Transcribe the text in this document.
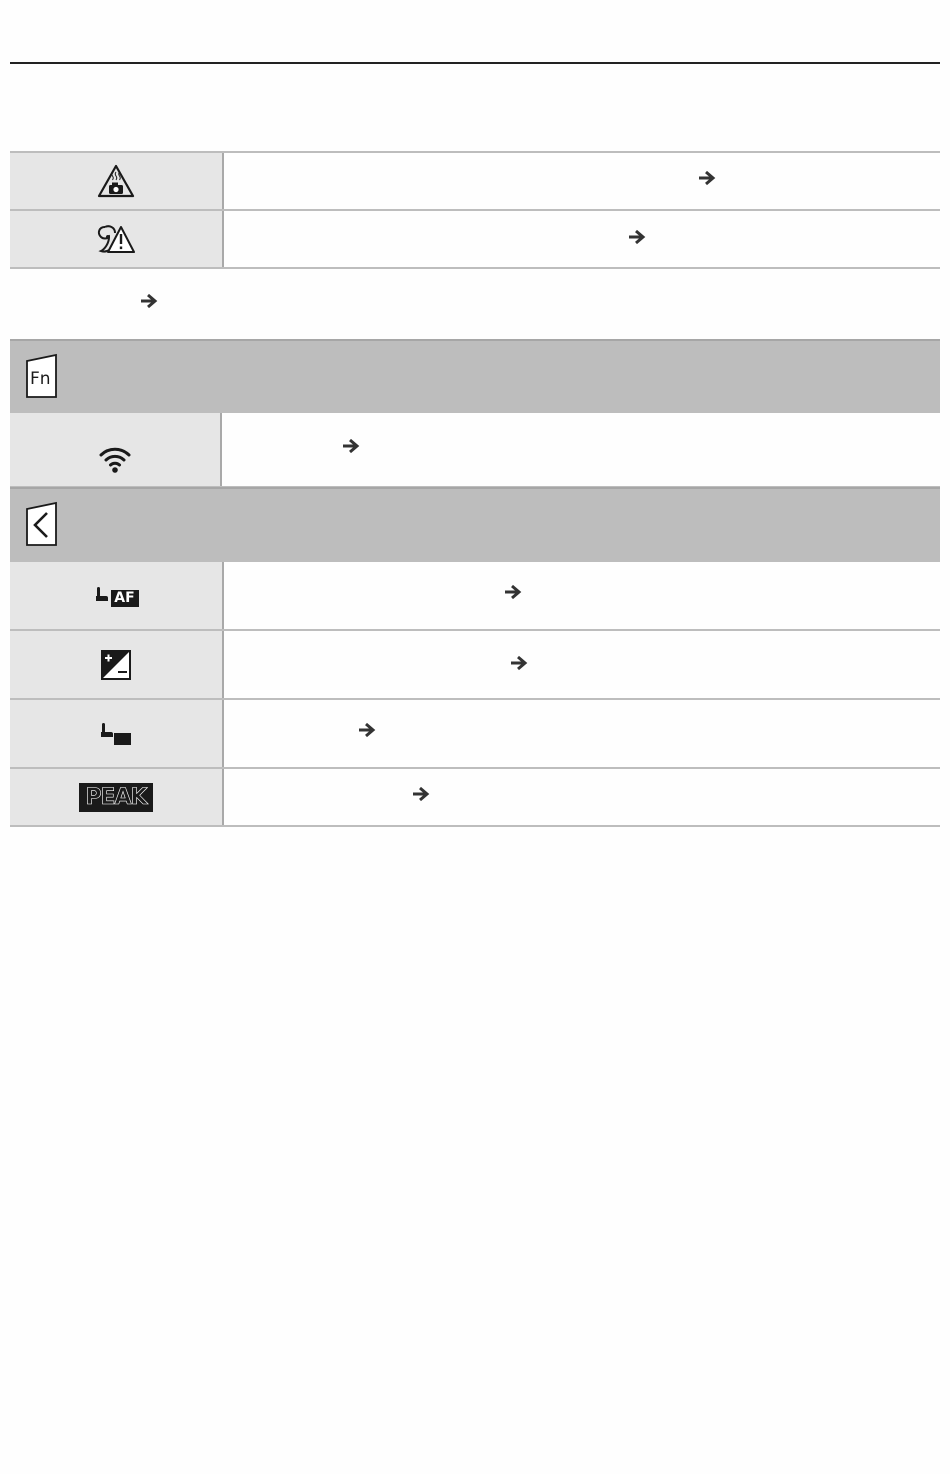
Fn
AF
PEAK
